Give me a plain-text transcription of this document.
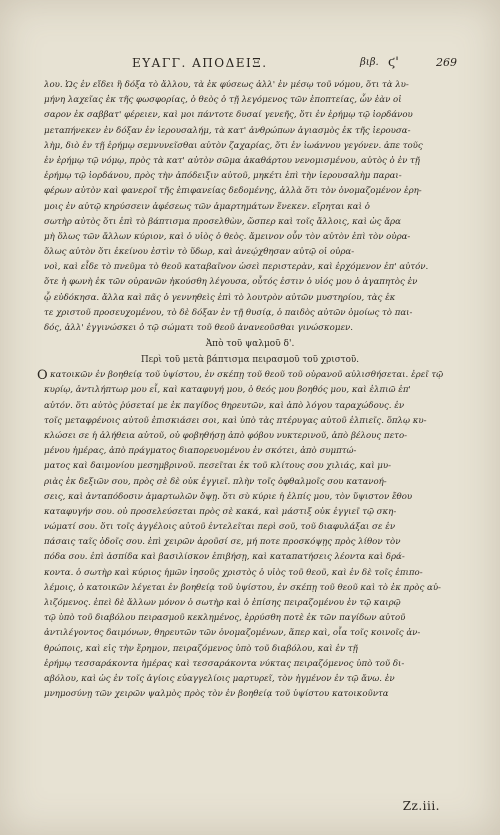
ΕΥΑΓΓ. ΑΠΟΔΕΙΞ.	βιβ. ϛ'	269
λου. Ὡς ἐν εἴδει ἢ δόξα τὸ ἄλλου, τὰ ἐκ φύσεως ἀλλ' ἐν μέσῳ τοῦ νόμου, ὅτι τὰ λυ-
μήνη λαχεῖας ἐκ τῆς φωσφορίας, ὁ θεὸς ὁ τῇ λεγόμενος τῶν ἐποπτείας, ὧν ἐὰν οἱ
σαρον ἐκ σαββατ' φέρειεν, καὶ μοι πάντοτε δυσαί γενεῆς, ὅτι ἐν ἐρήμῳ τῷ ἰορδάνου
μεταπήνεκεν ἐν δόξαν ἐν ἱερουσαλήμ, τὰ κατ' ἀνθρώπων ἁγιασμὸς ἐκ τῆς ἱερουσα-
λὴμ, διὸ ἐν τῇ ἐρήμῳ σεμνυνεῖσθαι αὐτὸν ζαχαρίας, ὅτι ἐν ἰωάννου γεγόνεν. ἀπε τοῦς
ἐν ἐρήμῳ τῷ νόμῳ, πρὸς τὰ κατ' αὐτὸν σῶμα ἀκαθάρτου νενομισμένου, αὐτὸς ὁ ἐν τῇ
ἐρήμῳ τῷ ἰορδάνου, πρὸς τὴν ἀπόδειξιν αὐτοῦ, μηκέτι ἐπὶ τὴν ἱερουσαλὴμ παραι-
φέρων αὐτὸν καὶ φανεροῖ τῆς ἐπιφανείας δεδομένης, ἀλλὰ ὅτι τὸν ὀνομαζομένον ἐρη-
μοις ἐν αὐτῷ κηρύσσειν ἀφέσεως τῶν ἁμαρτημάτων ἕνεκεν. εἴρηται καὶ ὁ
σωτὴρ αὐτὸς ὅτι ἐπὶ τὸ βάπτισμα προσελθὼν, ὥσπερ καὶ τοῖς ἄλλοις, καὶ ὡς ἄρα
μὴ ὅλως τῶν ἄλλων κύριον, καὶ ὁ υἱὸς ὁ θεὸς. ἄμεινον οὖν τὸν αὐτὸν ἐπὶ τὸν οὐρα-
ὅλως αὐτὸν ὅτι ἐκείνου ἐστὶν τὸ ὕδωρ, καὶ ἀνεῴχθησαν αὐτῷ οἱ οὐρα-
νοὶ, καὶ εἶδε τὸ πνεῦμα τὸ θεοῦ καταβαῖνον ὡσεὶ περιστερὰν, καὶ ἐρχόμενον ἐπ' αὐτόν.
ὅτε ἡ φωνὴ ἐκ τῶν οὐρανῶν ἠκούσθη λέγουσα, οὗτός ἐστιν ὁ υἱός μου ὁ ἀγαπητὸς ἐν
ᾧ εὐδόκησα. ἄλλα καὶ πᾶς ὁ γεννηθεὶς ἐπὶ τὸ λουτρὸν αὐτῶν μυστηρίου, τὰς ἐκ
τε χριστοῦ προσευχομένου, τὸ δὲ δόξαν ἐν τῇ θυσίᾳ, ὁ παιδὸς αὐτῶν ὁμοίως τὸ παι-
δός, ἀλλ' ἐγγινώσκει ὁ τῷ σώματι τοῦ θεοῦ ἀνανεοῦσθαι γινώσκομεν.
Ἀπὸ τοῦ ψαλμοῦ δ'.
Περὶ τοῦ μετὰ βάπτισμα πειρασμοῦ τοῦ χριστοῦ.
Ο κατοικῶν ἐν βοηθείᾳ τοῦ ὑψίστου, ἐν σκέπῃ τοῦ θεοῦ τοῦ οὐρανοῦ αὐλισθήσεται. ἐρεῖ τῷ
κυρίῳ, ἀντιλήπτωρ μου εἶ, καὶ καταφυγή μου, ὁ θεός μου βοηθός μου, καὶ ἐλπιῶ ἐπ'
αὐτόν. ὅτι αὐτὸς ῥύσεταί με ἐκ παγίδος θηρευτῶν, καὶ ἀπὸ λόγου ταραχώδους. ἐν
τοῖς μεταφρένοις αὐτοῦ ἐπισκιάσει σοι, καὶ ὑπὸ τὰς πτέρυγας αὐτοῦ ἐλπιεῖς. ὅπλῳ κυ-
κλώσει σε ἡ ἀλήθεια αὐτοῦ, οὐ φοβηθήσῃ ἀπὸ φόβου νυκτερινοῦ, ἀπὸ βέλους πετο-
μένου ἡμέρας, ἀπὸ πράγματος διαπορευομένου ἐν σκότει, ἀπὸ συμπτώ-
ματος καὶ δαιμονίου μεσημβρινοῦ. πεσεῖται ἐκ τοῦ κλίτους σου χιλιάς, καὶ μυ-
ριὰς ἐκ δεξιῶν σου, πρὸς σὲ δὲ οὐκ ἐγγιεῖ. πλὴν τοῖς ὀφθαλμοῖς σου κατανοή-
σεις, καὶ ἀνταπόδοσιν ἁμαρτωλῶν ὄψῃ. ὅτι σὺ κύριε ἡ ἐλπίς μου, τὸν ὕψιστον ἔθου
καταφυγήν σου. οὐ προσελεύσεται πρὸς σὲ κακά, καὶ μάστιξ οὐκ ἐγγιεῖ τῷ σκη-
νώματί σου. ὅτι τοῖς ἀγγέλοις αὐτοῦ ἐντελεῖται περὶ σοῦ, τοῦ διαφυλάξαι σε ἐν
πάσαις ταῖς ὁδοῖς σου. ἐπὶ χειρῶν ἀροῦσί σε, μή ποτε προσκόψῃς πρὸς λίθον τὸν
πόδα σου. ἐπὶ ἀσπίδα καὶ βασιλίσκον ἐπιβήσῃ, καὶ καταπατήσεις λέοντα καὶ δρά-
κοντα. ὁ σωτὴρ καὶ κύριος ἡμῶν ἰησοῦς χριστὸς ὁ υἱὸς τοῦ θεοῦ, καὶ ἐν δὲ τοῖς ἐπιπο-
λέμοις, ὁ κατοικῶν λέγεται ἐν βοηθείᾳ τοῦ ὑψίστου, ἐν σκέπῃ τοῦ θεοῦ καὶ τὸ ἐκ πρὸς αὐ-
λιζόμενος. ἐπεὶ δὲ ἄλλων μόνον ὁ σωτὴρ καὶ ὁ ἐπίσης πειραζομένου ἐν τῷ καιρῷ
τῷ ὑπὸ τοῦ διαβόλου πειρασμοῦ κεκλημένος, ἐρρύσθη ποτὲ ἐκ τῶν παγίδων αὐτοῦ
ἀντιλέγοντος δαιμόνων, θηρευτῶν τῶν ὀνομαζομένων, ἅπερ καὶ, οἷα τοῖς κοινοῖς ἀν-
θρώποις, καὶ εἰς τὴν ἔρημον, πειραζόμενος ὑπὸ τοῦ διαβόλου, καὶ ἐν τῇ
ἐρήμῳ τεσσαράκοντα ἡμέρας καὶ τεσσαράκοντα νύκτας πειραζόμενος ὑπὸ τοῦ δι-
αβόλου, καὶ ὡς ἐν τοῖς ἁγίοις εὐαγγελίοις μαρτυρεῖ, τὸν ἠγμένον ἐν τῷ ἄνω. ἐν
μνημοσύνῃ τῶν χειρῶν ψαλμὸς πρὸς τὸν ἐν βοηθείᾳ τοῦ ὑψίστου κατοικοῦντα
Zz.iii.
